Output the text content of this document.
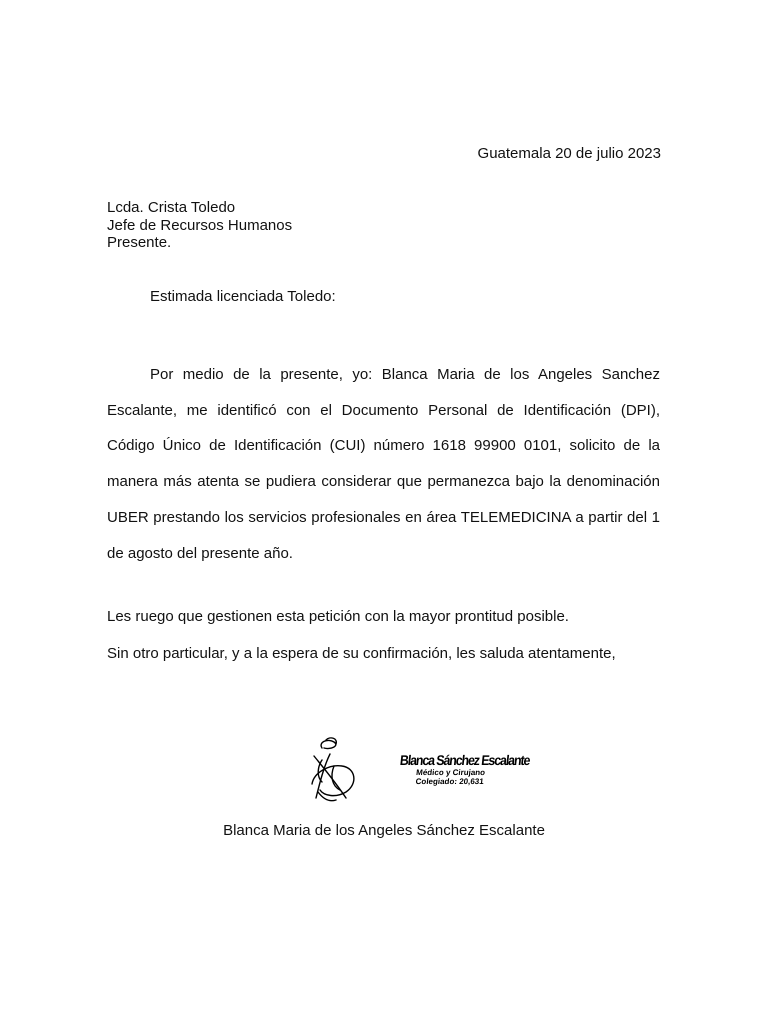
Guatemala 20 de julio 2023
Lcda. Crista Toledo
Jefe de Recursos Humanos
Presente.
Estimada licenciada Toledo:

Por medio de la presente, yo: Blanca Maria de los Angeles Sanchez Escalante, me identificó con el Documento Personal de Identificación (DPI), Código Único de Identificación (CUI) número 1618 99900 0101, solicito de la manera más atenta se pudiera considerar que permanezca bajo la denominación UBER prestando los servicios profesionales en área TELEMEDICINA a partir del 1 de agosto del presente año.

Les ruego que gestionen esta petición con la mayor prontitud posible.
Sin otro particular, y a la espera de su confirmación, les saluda atentamente,
Blanca Sánchez Escalante
Médico y Cirujano
Colegiado: 20,631
Blanca Maria de los Angeles Sánchez Escalante
